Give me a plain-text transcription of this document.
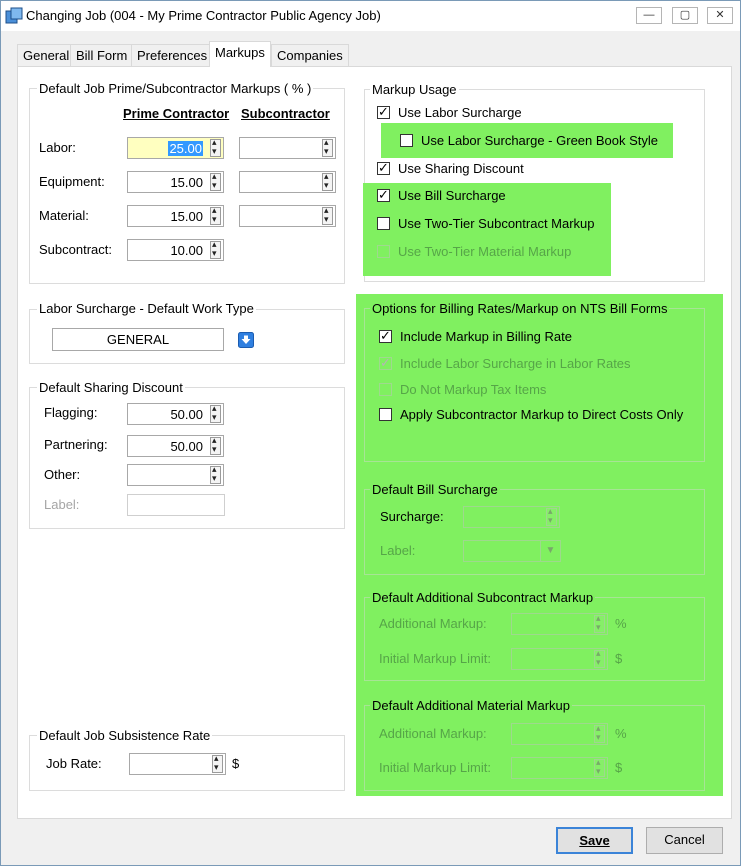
Changing Job (004 - My Prime Contractor Public Agency Job)	—	▢	✕
General Bill Form Preferences Markups Companies
Default Job Prime/Subcontractor Markups ( % )
Prime Contractor Subcontractor
Labor:	25.00
▴ ▾
▴ ▾
Equipment:	15.00
▴ ▾
▴ ▾
Material:	15.00
▴ ▾
▴ ▾
Subcontract:	10.00
▴ ▾
Labor Surcharge - Default Work Type
GENERAL
Default Sharing Discount
Flagging:	50.00
▴ ▾
Partnering:	50.00
▴ ▾
Other:
▴ ▾
Label:
Default Job Subsistence Rate
Job Rate: ▴ ▾	$
Markup Usage
✓
Use Labor Surcharge
Use Labor Surcharge - Green Book Style
✓
Use Sharing Discount
✓
Use Bill Surcharge
Use Two-Tier Subcontract Markup
Use Two-Tier Material Markup
Options for Billing Rates/Markup on NTS Bill Forms
✓
Include Markup in Billing Rate
✓
Include Labor Surcharge in Labor Rates
Do Not Markup Tax Items
Apply Subcontractor Markup to Direct Costs Only
Default Bill Surcharge
Surcharge:
▴ ▾
Label:	▼
Default Additional Subcontract Markup
Additional Markup: ▴ ▾	%
Initial Markup Limit: ▴ ▾	$
Default Additional Material Markup
Additional Markup: ▴ ▾	%
Initial Markup Limit: ▴ ▾	$
Save	Cancel
